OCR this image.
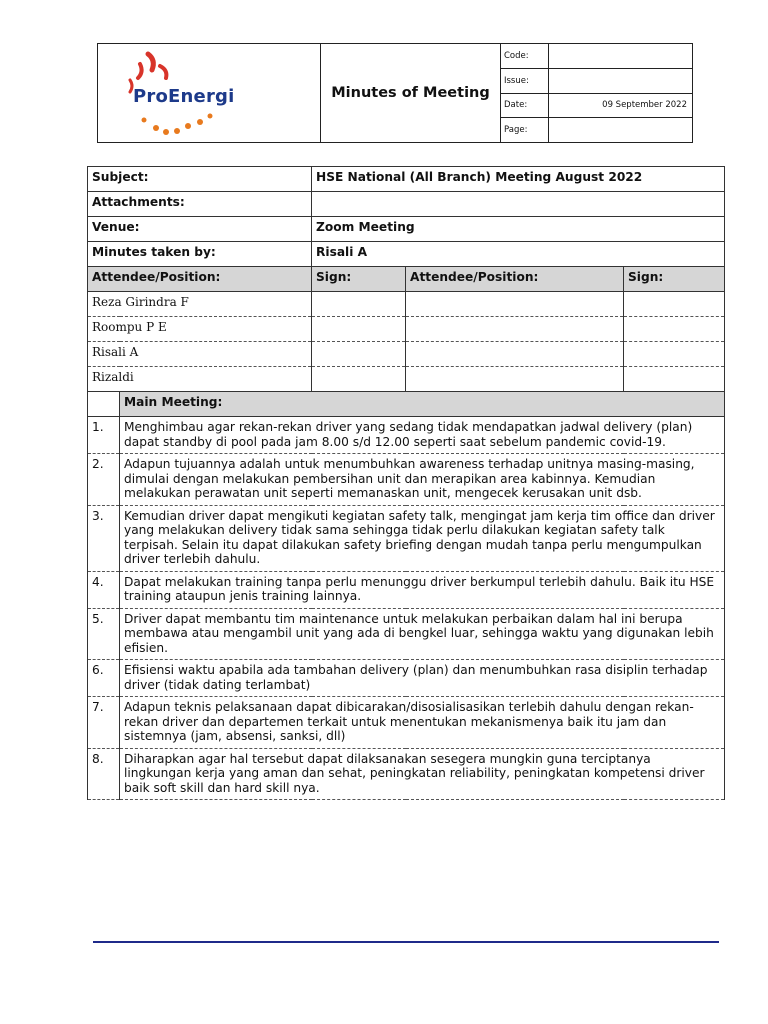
ProEnergi	Minutes of Meeting
Code:
Issue:
Date:	09 September 2022
Page:
Subject:		HSE National (All Branch) Meeting August 2022		
Attachments:				
Venue:		Zoom Meeting		
Minutes taken by:		Risali A		
Attendee/Position:		Sign:	Attendee/Position:	Sign:
Reza Girindra F				
Roompu P E				
Risali A				
Rizaldi				
	Main Meeting:			
1.	Menghimbau agar rekan-rekan driver yang sedang tidak mendapatkan jadwal delivery (plan) dapat standby di pool pada jam 8.00 s/d 12.00 seperti saat sebelum pandemic covid-19.			
2.	Adapun tujuannya adalah untuk menumbuhkan awareness terhadap unitnya masing-masing, dimulai dengan melakukan pembersihan unit dan merapikan area kabinnya. Kemudian melakukan perawatan unit seperti memanaskan unit, mengecek kerusakan unit dsb.			
3.	Kemudian driver dapat mengikuti kegiatan safety talk, mengingat jam kerja tim office dan driver yang melakukan delivery tidak sama sehingga tidak perlu dilakukan kegiatan safety talk terpisah. Selain itu dapat dilakukan safety briefing dengan mudah tanpa perlu mengumpulkan driver terlebih dahulu.			
4.	Dapat melakukan training tanpa perlu menunggu driver berkumpul terlebih dahulu. Baik itu HSE training ataupun jenis training lainnya.			
5.	Driver dapat membantu tim maintenance untuk melakukan perbaikan dalam hal ini berupa membawa atau mengambil unit yang ada di bengkel luar, sehingga waktu yang digunakan lebih efisien.			
6.	Efisiensi waktu apabila ada tambahan delivery (plan) dan menumbuhkan rasa disiplin terhadap driver (tidak dating terlambat)			
7.	Adapun teknis pelaksanaan dapat dibicarakan/disosialisasikan terlebih dahulu dengan rekan-rekan driver dan departemen terkait untuk menentukan mekanismenya baik itu jam dan sistemnya (jam, absensi, sanksi, dll)			
8.	Diharapkan agar hal tersebut dapat dilaksanakan sesegera mungkin guna terciptanya lingkungan kerja yang aman dan sehat, peningkatan reliability, peningkatan kompetensi driver baik soft skill dan hard skill nya.			
